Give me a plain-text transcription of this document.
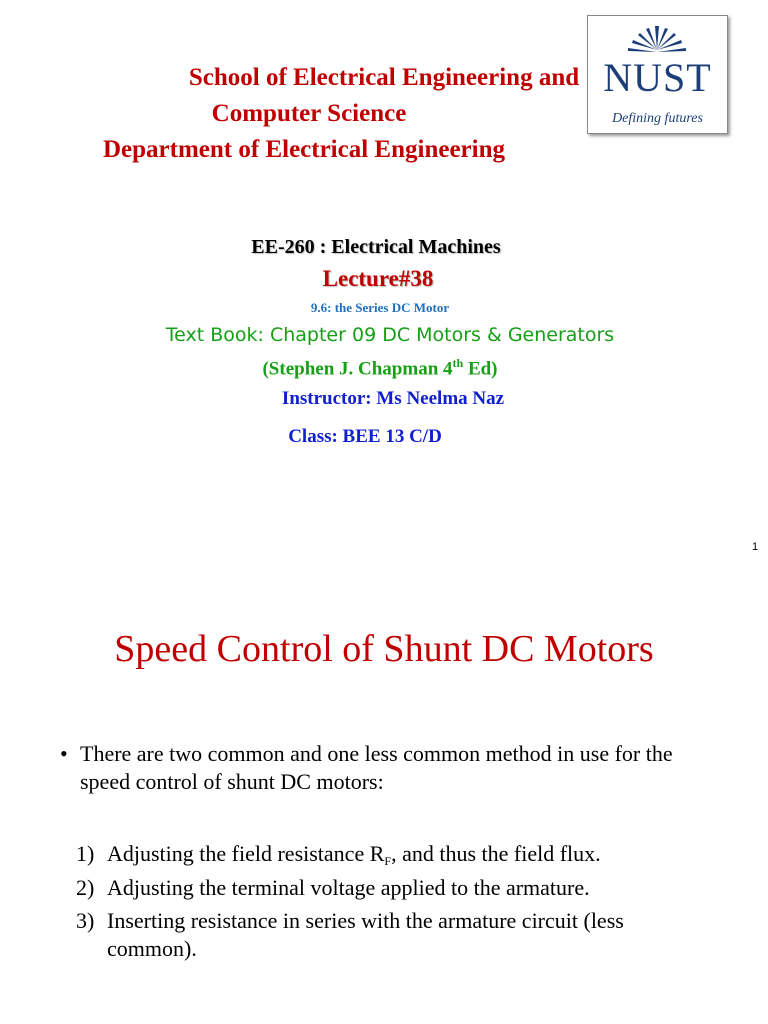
School of Electrical Engineering and
Computer Science
Department of Electrical Engineering
NUST
Defining futures
EE-260 : Electrical Machines
Lecture#38
9.6: the Series DC Motor
Text Book: Chapter 09 DC Motors & Generators
(Stephen J. Chapman 4th Ed)
Instructor: Ms Neelma Naz
Class: BEE 13 C/D
1
Speed Control of Shunt DC Motors
• There are two common and one less common method in use for the speed control of shunt DC motors:
1) Adjusting the field resistance $R_F$, and thus the field flux.
2) Adjusting the terminal voltage applied to the armature.
3) Inserting resistance in series with the armature circuit (less common).
